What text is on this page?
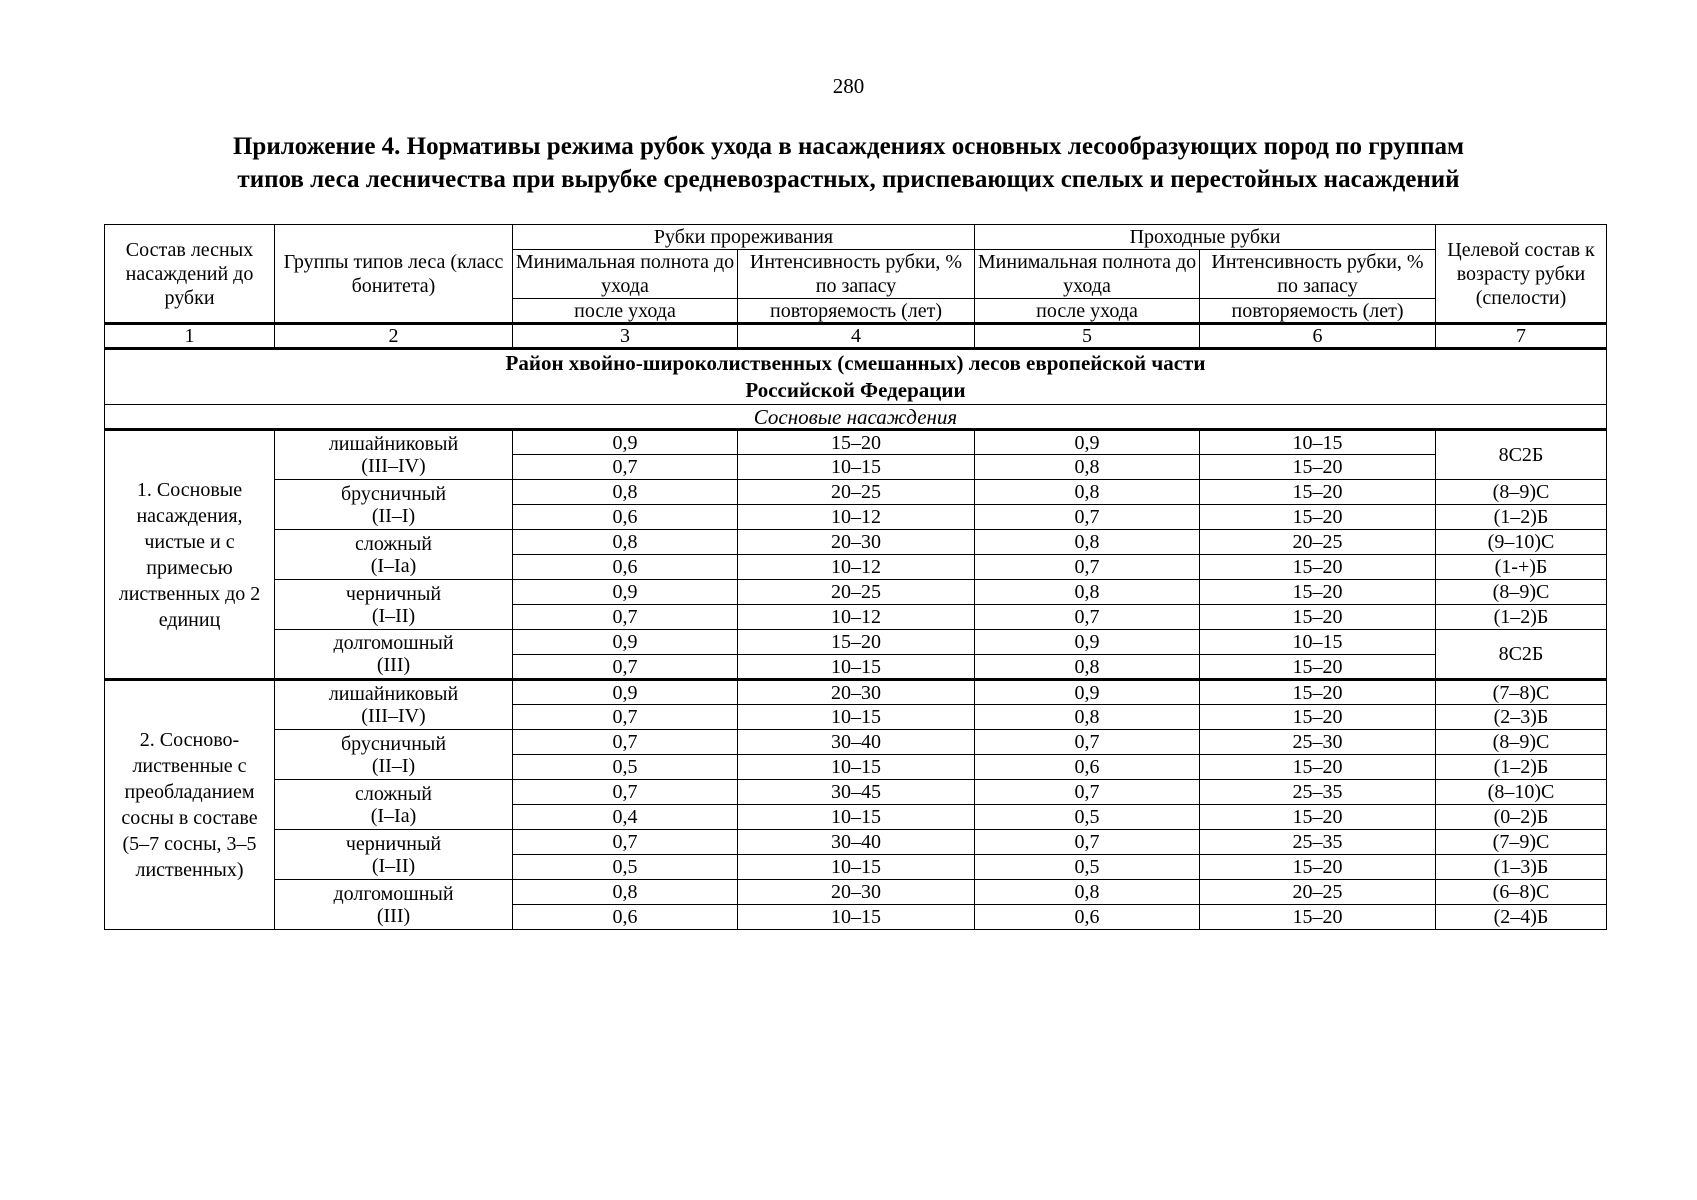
280
Приложение 4. Нормативы режима рубок ухода в насаждениях основных лесообразующих пород по группам
типов леса лесничества при вырубке средневозрастных, приспевающих спелых и перестойных насаждений
Состав лесных насаждений до рубки	Группы типов леса (класс бонитета)	Рубки прореживания		Проходные рубки		Целевой состав к возрасту рубки (спелости)
		Минимальная полнота до ухода	Интенсивность рубки, % по запасу	Минимальная полнота до ухода	Интенсивность рубки, % по запасу	
		после ухода	повторяемость (лет)	после ухода	повторяемость (лет)	
1	2	3	4	5	6	7

Район хвойно-широколиственных (смешанных) лесов европейской части
Российской Федерации						

Сосновые насаждения						
1. Сосновые насаждения, чистые и с примесью лиственных до 2 единиц	лишайниковый
(III–IV)	0,9	15–20	0,9	10–15	8С2Б
		0,7	10–15	0,8	15–20	

	брусничный
(II–I)	0,8	20–25	0,8	15–20	(8–9)С
		0,6	10–12	0,7	15–20	(1–2)Б

	сложный
(I–Ia)	0,8	20–30	0,8	20–25	(9–10)С
		0,6	10–12	0,7	15–20	(1-+)Б

	черничный
(I–II)	0,9	20–25	0,8	15–20	(8–9)С
		0,7	10–12	0,7	15–20	(1–2)Б

	долгомошный
(III)	0,9	15–20	0,9	10–15	8С2Б
		0,7	10–15	0,8	15–20	
2. Сосново-лиственные с преобладанием сосны в составе (5–7 сосны, 3–5 лиственных)	лишайниковый
(III–IV)	0,9	20–30	0,9	15–20	(7–8)С
		0,7	10–15	0,8	15–20	(2–3)Б

	брусничный
(II–I)	0,7	30–40	0,7	25–30	(8–9)С
		0,5	10–15	0,6	15–20	(1–2)Б

	сложный
(I–Ia)	0,7	30–45	0,7	25–35	(8–10)С
		0,4	10–15	0,5	15–20	(0–2)Б

	черничный
(I–II)	0,7	30–40	0,7	25–35	(7–9)С
		0,5	10–15	0,5	15–20	(1–3)Б

	долгомошный
(III)	0,8	20–30	0,8	20–25	(6–8)С
		0,6	10–15	0,6	15–20	(2–4)Б
